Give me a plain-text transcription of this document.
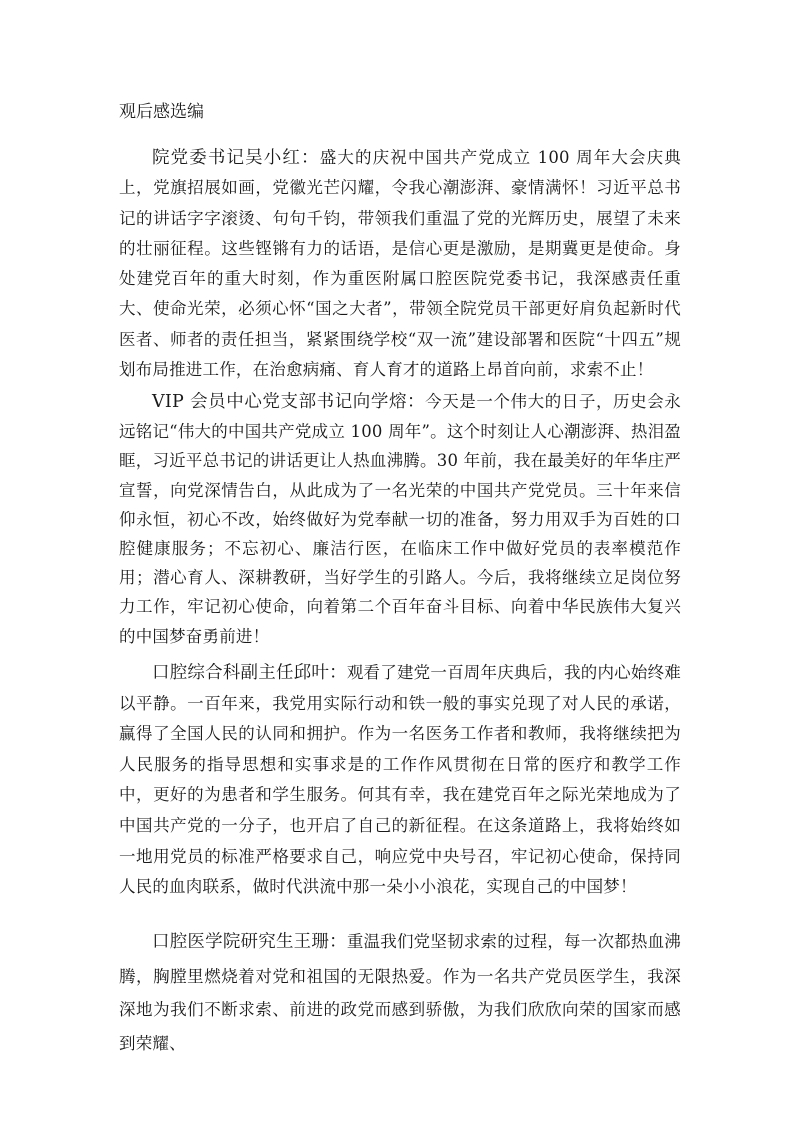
观后感选编

院党委书记吴小红：盛大的庆祝中国共产党成立 100 周年大会庆典上，党旗招展如画，党徽光芒闪耀，令我心潮澎湃、豪情满怀！习近平总书记的讲话字字滚烫、句句千钧，带领我们重温了党的光辉历史，展望了未来的壮丽征程。这些铿锵有力的话语，是信心更是激励，是期冀更是使命。身处建党百年的重大时刻，作为重医附属口腔医院党委书记，我深感责任重大、使命光荣，必须心怀“国之大者”，带领全院党员干部更好肩负起新时代医者、师者的责任担当，紧紧围绕学校“双一流”建设部署和医院“十四五”规划布局推进工作，在治愈病痛、育人育才的道路上昂首向前，求索不止！

VIP 会员中心党支部书记向学熔：今天是一个伟大的日子，历史会永远铭记“伟大的中国共产党成立 100 周年”。这个时刻让人心潮澎湃、热泪盈眶，习近平总书记的讲话更让人热血沸腾。30 年前，我在最美好的年华庄严宣誓，向党深情告白，从此成为了一名光荣的中国共产党党员。三十年来信仰永恒，初心不改，始终做好为党奉献一切的准备，努力用双手为百姓的口腔健康服务；不忘初心、廉洁行医，在临床工作中做好党员的表率模范作用；潜心育人、深耕教研，当好学生的引路人。今后，我将继续立足岗位努力工作，牢记初心使命，向着第二个百年奋斗目标、向着中华民族伟大复兴的中国梦奋勇前进！

口腔综合科副主任邱叶：观看了建党一百周年庆典后，我的内心始终难以平静。一百年来，我党用实际行动和铁一般的事实兑现了对人民的承诺，赢得了全国人民的认同和拥护。作为一名医务工作者和教师，我将继续把为人民服务的指导思想和实事求是的工作作风贯彻在日常的医疗和教学工作中，更好的为患者和学生服务。何其有幸，我在建党百年之际光荣地成为了中国共产党的一分子，也开启了自己的新征程。在这条道路上，我将始终如一地用党员的标准严格要求自己，响应党中央号召，牢记初心使命，保持同人民的血肉联系，做时代洪流中那一朵小小浪花，实现自己的中国梦！

口腔医学院研究生王珊：重温我们党坚韧求索的过程，每一次都热血沸腾，胸膛里燃烧着对党和祖国的无限热爱。作为一名共产党员医学生，我深深地为我们不断求索、前进的政党而感到骄傲，为我们欣欣向荣的国家而感到荣耀、
